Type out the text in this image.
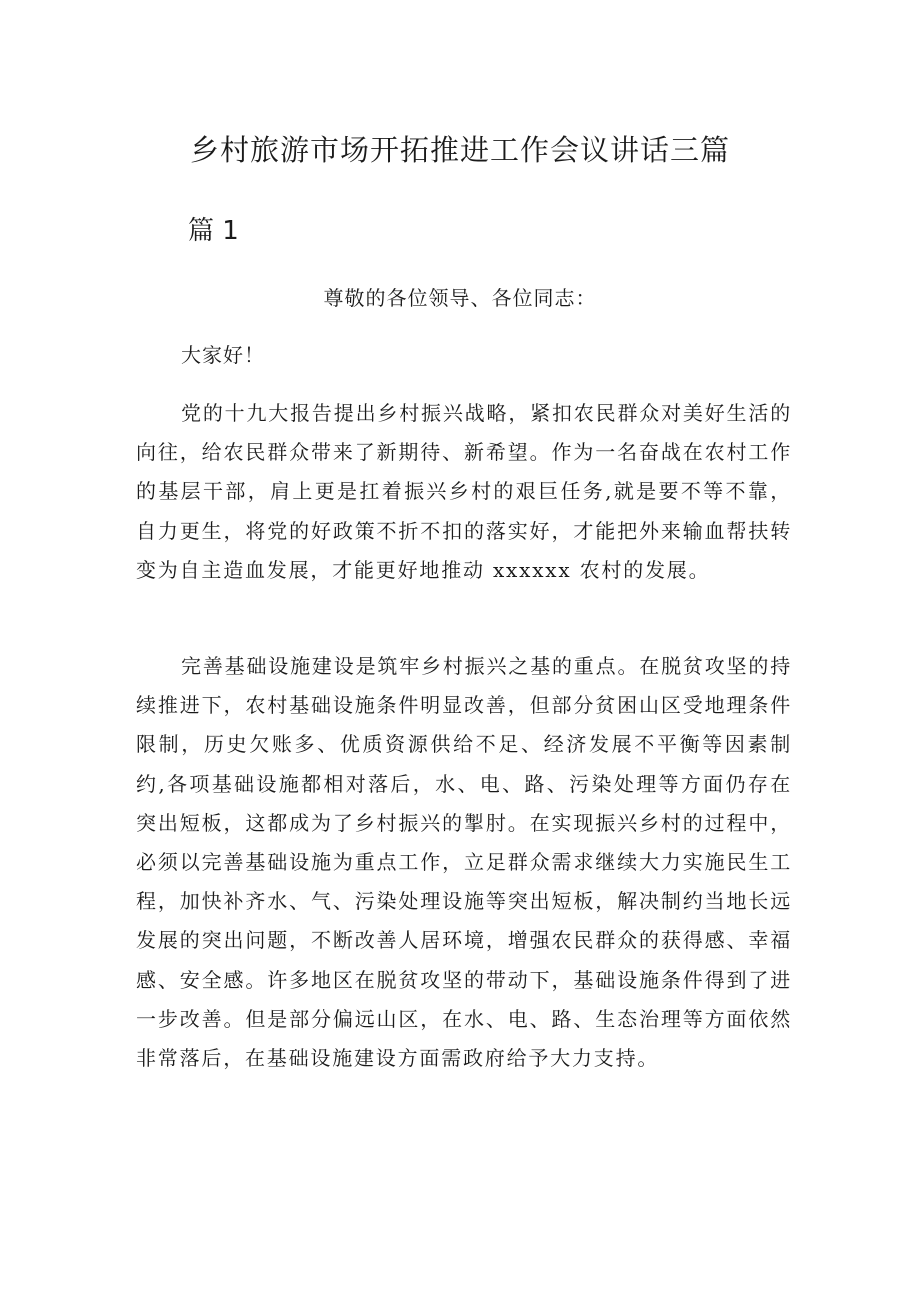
乡村旅游市场开拓推进工作会议讲话三篇
篇 1

尊敬的各位领导、各位同志：

大家好！

党的十九大报告提出乡村振兴战略，紧扣农民群众对美好生活的向往，给农民群众带来了新期待、新希望。作为一名奋战在农村工作的基层干部，肩上更是扛着振兴乡村的艰巨任务,就是要不等不靠，自力更生，将党的好政策不折不扣的落实好，才能把外来输血帮扶转变为自主造血发展，才能更好地推动 xxxxxx 农村的发展。

完善基础设施建设是筑牢乡村振兴之基的重点。在脱贫攻坚的持续推进下，农村基础设施条件明显改善，但部分贫困山区受地理条件限制，历史欠账多、优质资源供给不足、经济发展不平衡等因素制约,各项基础设施都相对落后，水、电、路、污染处理等方面仍存在突出短板，这都成为了乡村振兴的掣肘。在实现振兴乡村的过程中，必须以完善基础设施为重点工作，立足群众需求继续大力实施民生工程，加快补齐水、气、污染处理设施等突出短板，解决制约当地长远发展的突出问题，不断改善人居环境，增强农民群众的获得感、幸福感、安全感。许多地区在脱贫攻坚的带动下，基础设施条件得到了进一步改善。但是部分偏远山区，在水、电、路、生态治理等方面依然非常落后，在基础设施建设方面需政府给予大力支持。
